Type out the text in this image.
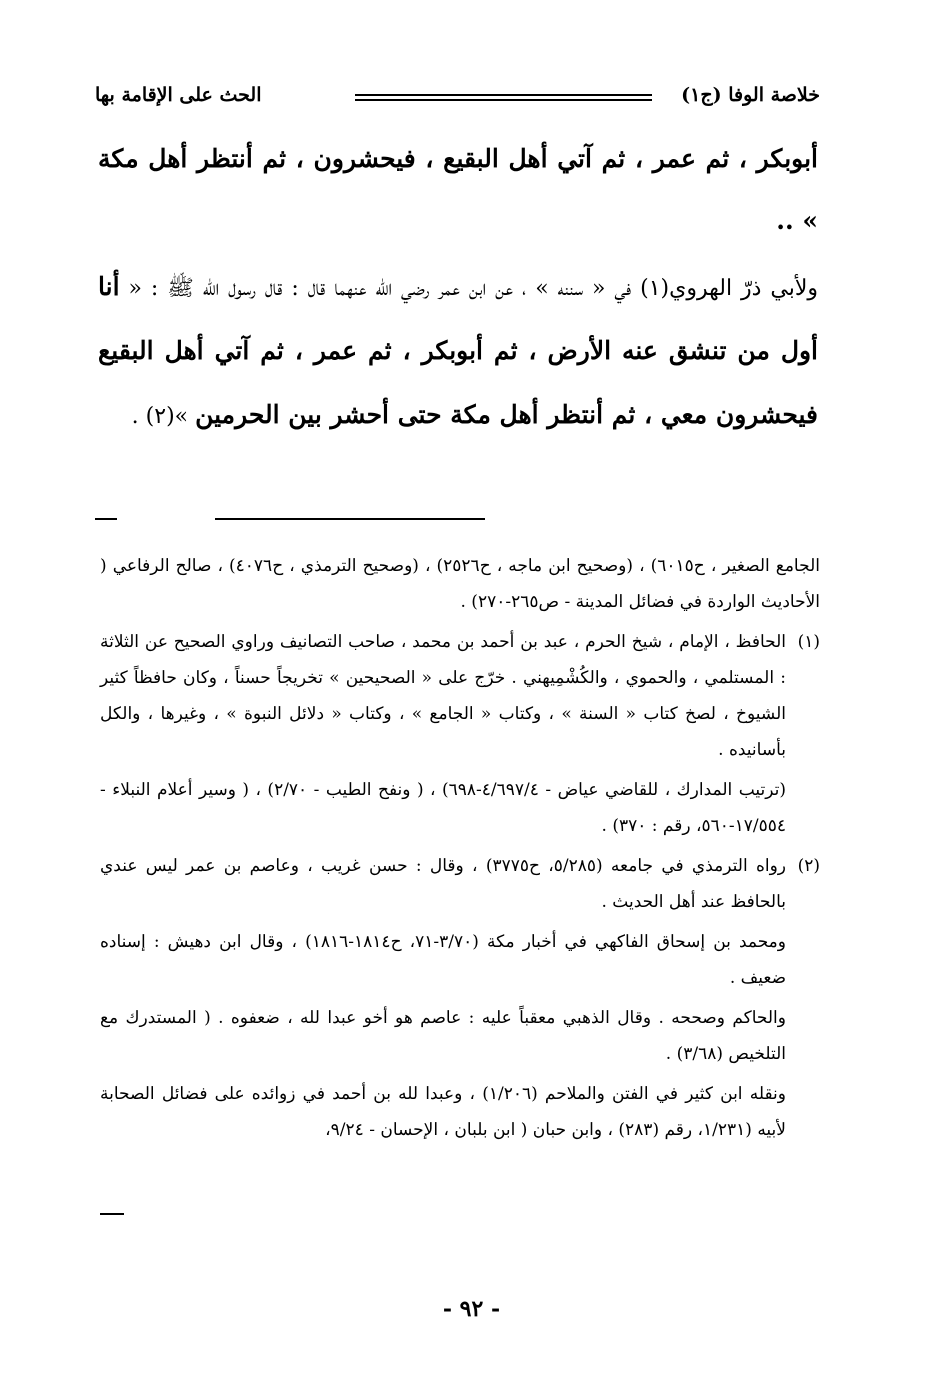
خلاصة الوفا (ج١)
الحث على الإقامة بها

أبوبكر ، ثم عمر ، ثم آتي أهل البقيع ، فيحشرون ، ثم أنتظر أهل مكة » ..

ولأبي ذرّ الهروي(١) في « سننه » ، عن ابن عمر رضي الله عنهما قال : قال رسول الله ﷺ : « أنا أول من تنشق عنه الأرض ، ثم أبوبكر ، ثم عمر ، ثم آتي أهل البقيع فيحشرون معي ، ثم أنتظر أهل مكة حتى أحشر بين الحرمين »(٢) .

الجامع الصغير ، ح٦٠١٥) ، (وصحيح ابن ماجه ، ح٢٥٢٦) ، (وصحيح الترمذي ، ح٤٠٧٦) ، صالح الرفاعي ( الأحاديث الواردة في فضائل المدينة - ص٢٦٥-٢٧٠) .

(١)
الحافظ ، الإمام ، شيخ الحرم ، عبد بن أحمد بن محمد ، صاحب التصانيف وراوي الصحيح عن الثلاثة : المستلمي ، والحموي ، والكُشْمِيهني . خرّج على « الصحيحين » تخريجاً حسناً ، وكان حافظاً كثير الشيوخ ، لصخ كتاب « السنة » ، وكتاب « الجامع » ، وكتاب « دلائل النبوة » ، وغيرها ، والكل بأسانيده .

(ترتيب المدارك ، للقاضي عياض - ٤/٦٩٧/٤-٦٩٨) ، ( ونفح الطيب - ٢/٧٠) ، ( وسير أعلام النبلاء - ١٧/٥٥٤-٥٦٠، رقم : ٣٧٠) .

(٢)
رواه الترمذي في جامعه (٥/٢٨٥، ح٣٧٧٥) ، وقال : حسن غريب ، وعاصم بن عمر ليس عندي بالحافظ عند أهل الحديث .

ومحمد بن إسحاق الفاكهي في أخبار مكة (٣/٧٠-٧١، ح١٨١٤-١٨١٦) ، وقال ابن دهيش : إسناده ضعيف .

والحاكم وصححه . وقال الذهبي معقباً عليه : عاصم هو أخو عبدا لله ، ضعفوه . ( المستدرك مع التلخيص (٣/٦٨) .

ونقله ابن كثير في الفتن والملاحم (١/٢٠٦) ، وعبدا لله بن أحمد في زوائده على فضائل الصحابة لأبيه (١/٢٣١، رقم (٢٨٣) ، وابن حبان ( ابن بلبان ، الإحسان - ٩/٢٤،

- ٩٢ -
